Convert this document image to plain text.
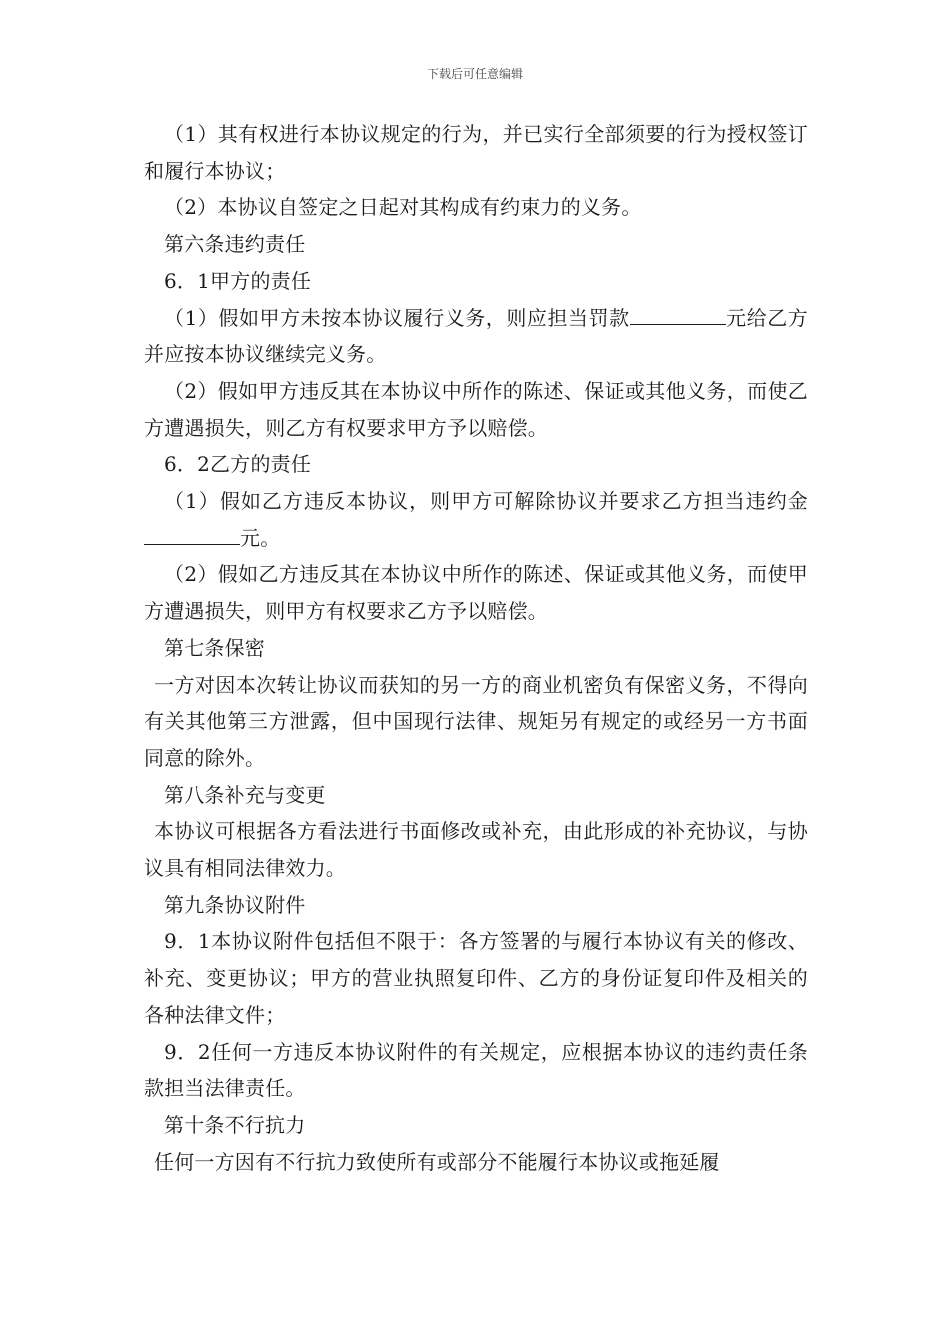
下载后可任意编辑

（1）其有权进行本协议规定的行为，并已实行全部须要的行为授权签订和履行本协议；

（2）本协议自签定之日起对其构成有约束力的义务。

第六条违约责任

6．1甲方的责任

（1）假如甲方未按本协议履行义务，则应担当罚款	元给乙方并应按本协议继续完义务。

（2）假如甲方违反其在本协议中所作的陈述、保证或其他义务，而使乙方遭遇损失，则乙方有权要求甲方予以赔偿。

6．2乙方的责任

（1）假如乙方违反本协议，则甲方可解除协议并要求乙方担当违约金元。

（2）假如乙方违反其在本协议中所作的陈述、保证或其他义务，而使甲方遭遇损失，则甲方有权要求乙方予以赔偿。

第七条保密

一方对因本次转让协议而获知的另一方的商业机密负有保密义务，不得向有关其他第三方泄露，但中国现行法律、规矩另有规定的或经另一方书面同意的除外。

第八条补充与变更

本协议可根据各方看法进行书面修改或补充，由此形成的补充协议，与协议具有相同法律效力。

第九条协议附件

9．1本协议附件包括但不限于：各方签署的与履行本协议有关的修改、补充、变更协议；甲方的营业执照复印件、乙方的身份证复印件及相关的各种法律文件；

9．2任何一方违反本协议附件的有关规定，应根据本协议的违约责任条款担当法律责任。

第十条不行抗力

任何一方因有不行抗力致使所有或部分不能履行本协议或拖延履
